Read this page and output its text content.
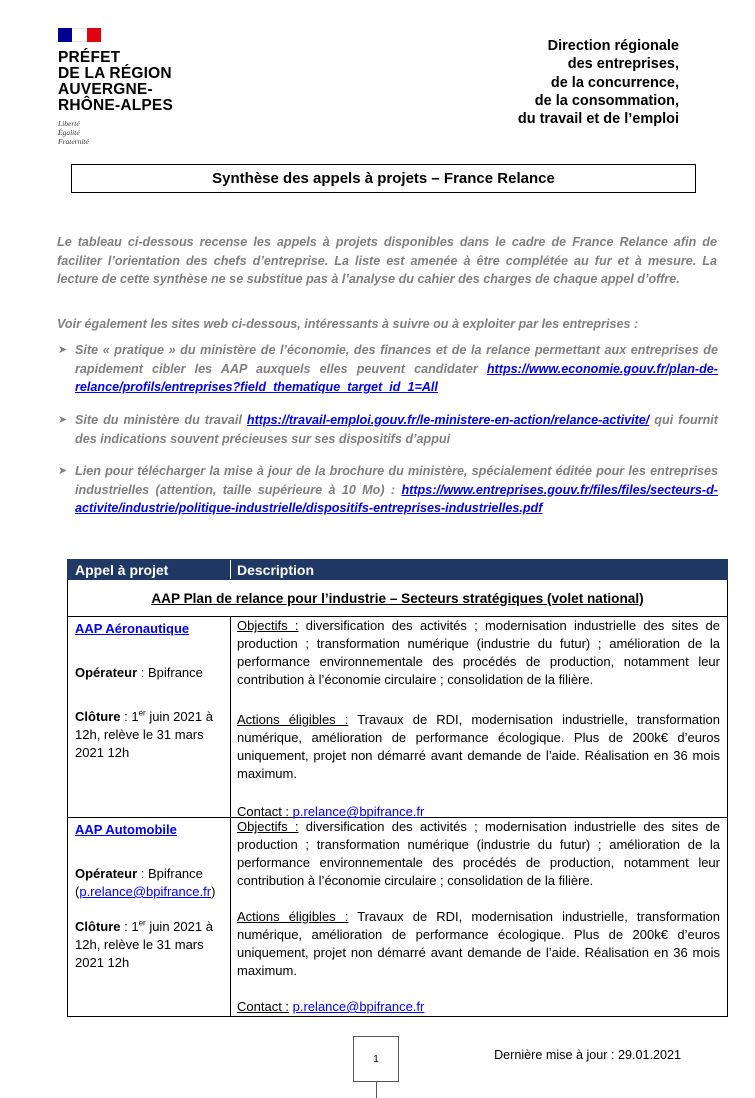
PRÉFET
DE LA RÉGION
AUVERGNE-
RHÔNE-ALPES
Liberté
Égalité
Fraternité
Direction régionale
des entreprises,
de la concurrence,
de la consommation,
du travail et de l’emploi
Synthèse des appels à projets – France Relance

Le tableau ci-dessous recense les appels à projets disponibles dans le cadre de France Relance afin de faciliter l’orientation des chefs d’entreprise. La liste est amenée à être complétée au fur et à mesure. La lecture de cette synthèse ne se substitue pas à l’analyse du cahier des charges de chaque appel d’offre.

Voir également les sites web ci-dessous, intéressants à suivre ou à exploiter par les entreprises :

➤ Site « pratique » du ministère de l’économie, des finances et de la relance permettant aux entreprises de rapidement cibler les AAP auxquels elles peuvent candidater https://www.economie.gouv.fr/plan-de-relance/profils/entreprises?field_thematique_target_id_1=All
➤ Site du ministère du travail https://travail-emploi.gouv.fr/le-ministere-en-action/relance-activite/ qui fournit des indications souvent précieuses sur ses dispositifs d’appui
➤ Lien pour télécharger la mise à jour de la brochure du ministère, spécialement éditée pour les entreprises industrielles (attention, taille supérieure à 10 Mo) : https://www.entreprises.gouv.fr/files/files/secteurs-d-activite/industrie/politique-industrielle/dispositifs-entreprises-industrielles.pdf
Appel à projet	Description
AAP Plan de relance pour l’industrie – Secteurs stratégiques (volet national)
AAP Aéronautique
Opérateur : Bpifrance
Clôture : 1er juin 2021 à 12h, relève le 31 mars 2021 12h
Objectifs : diversification des activités ; modernisation industrielle des sites de production ; transformation numérique (industrie du futur) ; amélioration de la performance environnementale des procédés de production, notamment leur contribution à l’économie circulaire ; consolidation de la filière.
Actions éligibles : Travaux de RDI, modernisation industrielle, transformation numérique, amélioration de performance écologique. Plus de 200k€ d’euros uniquement, projet non démarré avant demande de l’aide. Réalisation en 36 mois maximum.
Contact : p.relance@bpifrance.fr
AAP Automobile
Opérateur : Bpifrance (p.relance@bpifrance.fr)
Clôture : 1er juin 2021 à 12h, relève le 31 mars 2021 12h
Objectifs : diversification des activités ; modernisation industrielle des sites de production ; transformation numérique (industrie du futur) ; amélioration de la performance environnementale des procédés de production, notamment leur contribution à l’économie circulaire ; consolidation de la filière.
Actions éligibles : Travaux de RDI, modernisation industrielle, transformation numérique, amélioration de performance écologique. Plus de 200k€ d’euros uniquement, projet non démarré avant demande de l’aide. Réalisation en 36 mois maximum.
Contact : p.relance@bpifrance.fr
1	Dernière mise à jour : 29.01.2021
